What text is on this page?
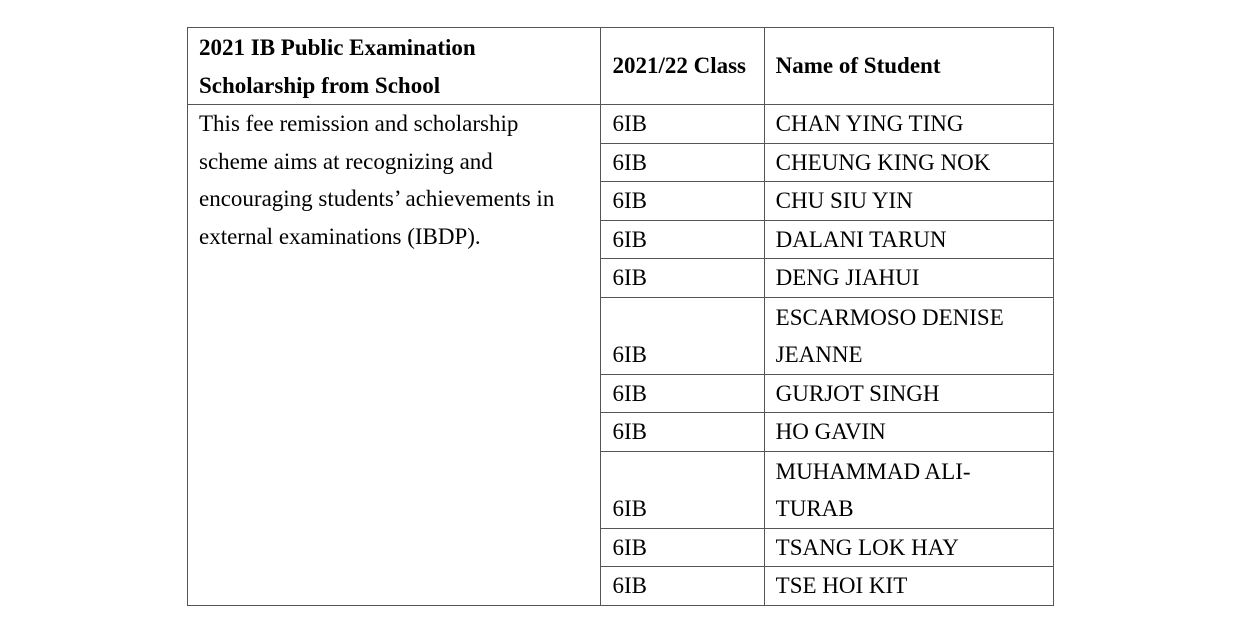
2021 IB Public Examination Scholarship from School	2021/22 Class	Name of Student
This fee remission and scholarship scheme aims at recognizing and encouraging students’ achievements in external examinations (IBDP).	6IB	CHAN YING TING
	6IB	CHEUNG KING NOK
	6IB	CHU SIU YIN
	6IB	DALANI TARUN
	6IB	DENG JIAHUI
	6IB	ESCARMOSO DENISE JEANNE
	6IB	GURJOT SINGH
	6IB	HO GAVIN
	6IB	MUHAMMAD ALI-TURAB
	6IB	TSANG LOK HAY
	6IB	TSE HOI KIT
